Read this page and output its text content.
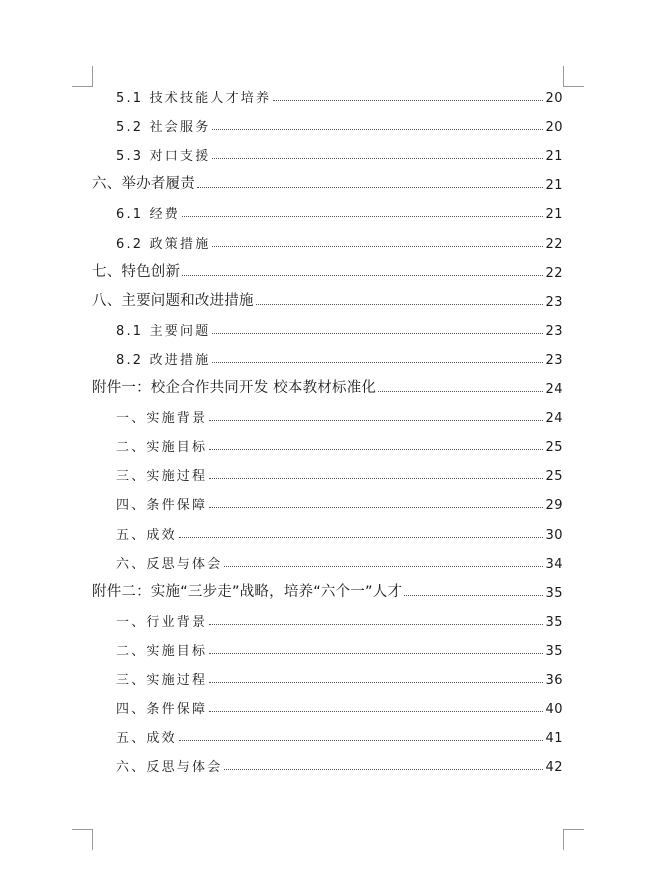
5.1 技术技能人才培养	20
5.2 社会服务	20
5.3 对口支援	21
六、举办者履责	21
6.1 经费	21
6.2 政策措施	22
七、特色创新	22
八、主要问题和改进措施	23
8.1 主要问题	23
8.2 改进措施	23
附件一：校企合作共同开发 校本教材标准化	24
一、实施背景	24
二、实施目标	25
三、实施过程	25
四、条件保障	29
五、成效	30
六、反思与体会	34
附件二：实施“三步走”战略，培养“六个一”人才	35
一、行业背景	35
二、实施目标	35
三、实施过程	36
四、条件保障	40
五、成效	41
六、反思与体会	42
